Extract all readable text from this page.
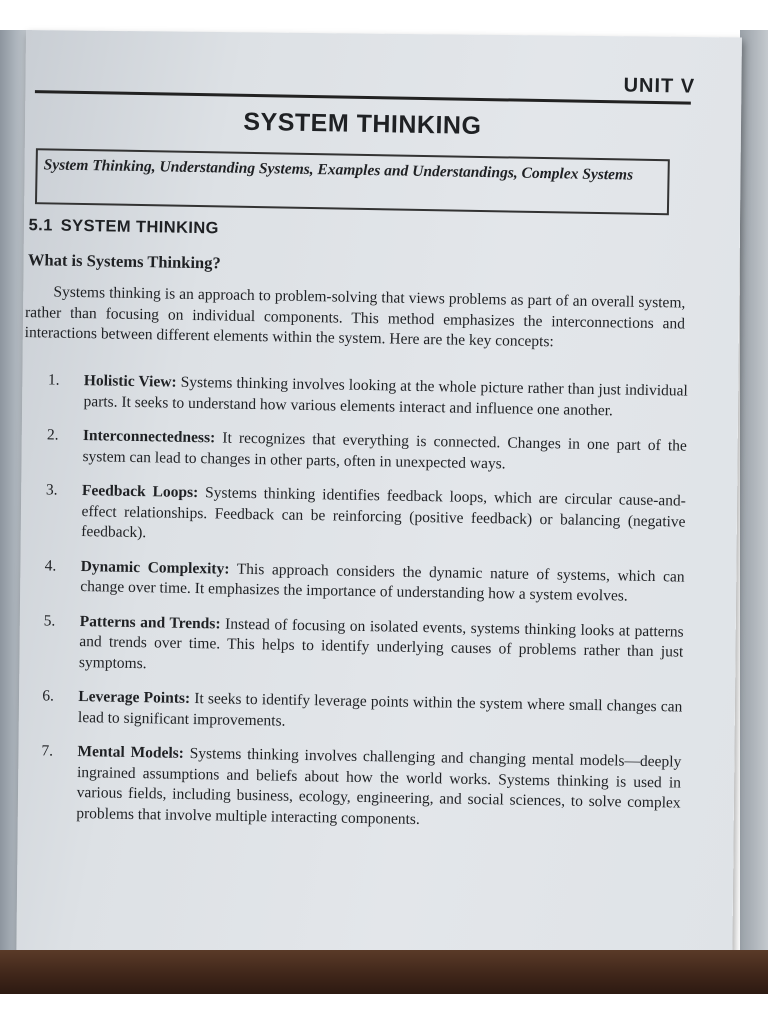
UNIT V
SYSTEM THINKING
System Thinking, Understanding Systems, Examples and Understandings, Complex Systems
5.1 SYSTEM THINKING
What is Systems Thinking?
Systems thinking is an approach to problem-solving that views problems as part of an overall system, rather than focusing on individual components. This method emphasizes the interconnections and interactions between different elements within the system. Here are the key concepts:
1. Holistic View: Systems thinking involves looking at the whole picture rather than just individual parts. It seeks to understand how various elements interact and influence one another.
2. Interconnectedness: It recognizes that everything is connected. Changes in one part of the system can lead to changes in other parts, often in unexpected ways.
3. Feedback Loops: Systems thinking identifies feedback loops, which are circular cause-and-effect relationships. Feedback can be reinforcing (positive feedback) or balancing (negative feedback).
4. Dynamic Complexity: This approach considers the dynamic nature of systems, which can change over time. It emphasizes the importance of understanding how a system evolves.
5. Patterns and Trends: Instead of focusing on isolated events, systems thinking looks at patterns and trends over time. This helps to identify underlying causes of problems rather than just symptoms.
6. Leverage Points: It seeks to identify leverage points within the system where small changes can lead to significant improvements.
7. Mental Models: Systems thinking involves challenging and changing mental models—deeply ingrained assumptions and beliefs about how the world works. Systems thinking is used in various fields, including business, ecology, engineering, and social sciences, to solve complex problems that involve multiple interacting components.
